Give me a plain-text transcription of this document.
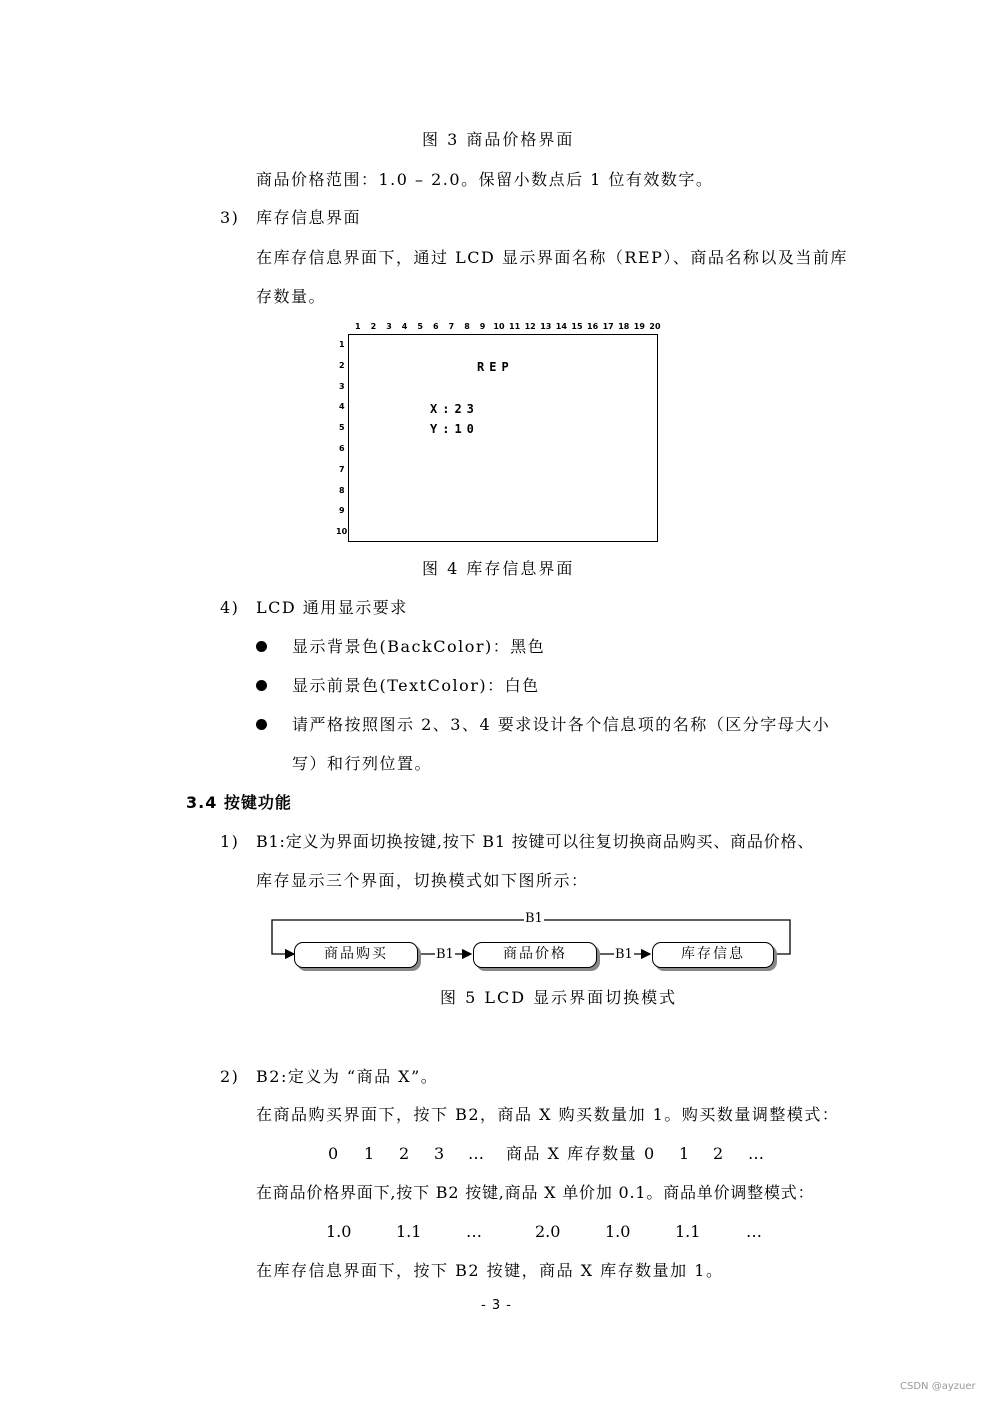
图 3 商品价格界面
商品价格范围：1.0 – 2.0。保留小数点后 1 位有效数字。
3) 库存信息界面
在库存信息界面下，通过 LCD 显示界面名称（REP）、商品名称以及当前库
存数量。
1 2 3 4 5 6 7 8 9 10 11 12 13 14 15 16 17 18 19 20
1
2
3
4
5
6
7
8
9
10
REP
X:23
Y:10
图 4 库存信息界面
4) LCD 通用显示要求
显示背景色(BackColor)：黑色
显示前景色(TextColor)：白色
请严格按照图示 2、3、4 要求设计各个信息项的名称（区分字母大小
写）和行列位置。
3.4 按键功能
1) B1:定义为界面切换按键,按下 B1 按键可以往复切换商品购买、商品价格、
库存显示三个界面，切换模式如下图所示：
B1
B1	B1
商品购买	商品价格	库存信息
图 5 LCD 显示界面切换模式
2) B2:定义为 “商品 X”。
在商品购买界面下，按下 B2，商品 X 购买数量加 1。购买数量调整模式：
0 1 2 3 … 商品 X 库存数量 0 1 2 …
在商品价格界面下,按下 B2 按键,商品 X 单价加 0.1。商品单价调整模式：
1.0	1.1	…	2.0	1.0	1.1	…
在库存信息界面下，按下 B2 按键，商品 X 库存数量加 1。
- 3 -
CSDN @ayzuer
